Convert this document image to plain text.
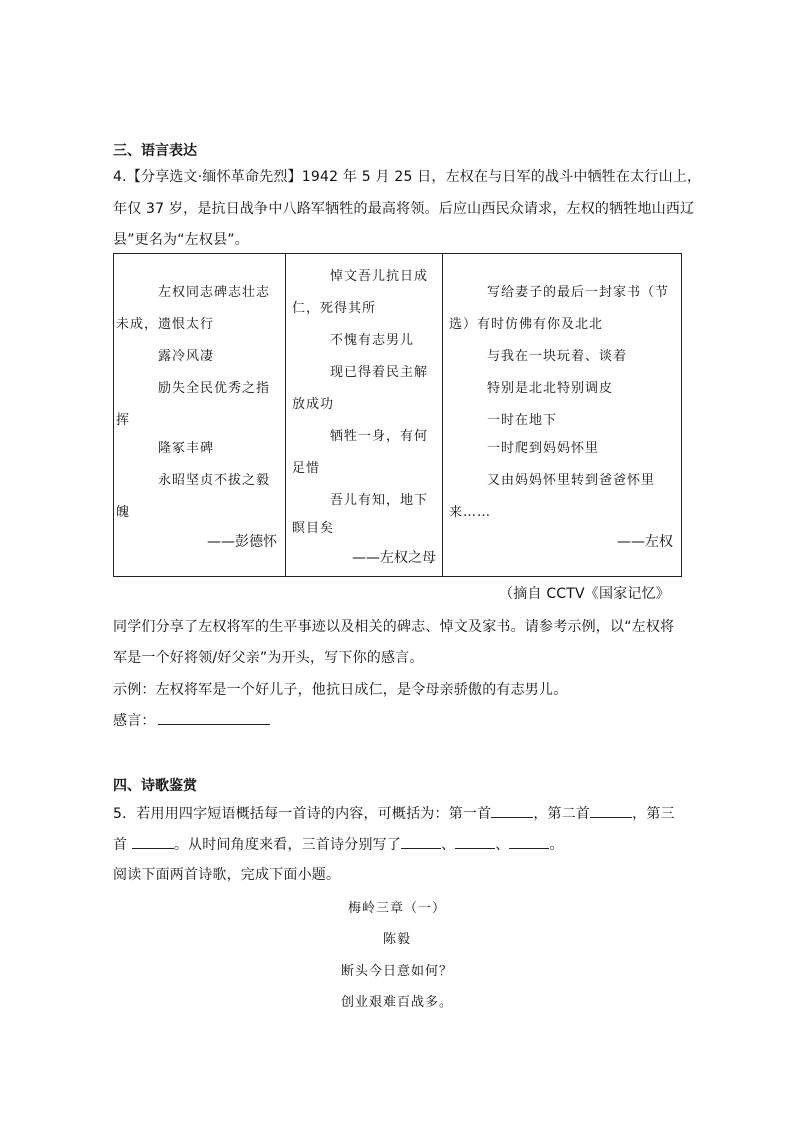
三、语言表达
4.【分享选文·缅怀革命先烈】1942 年 5 月 25 日，左权在与日军的战斗中牺牲在太行山上，
年仅 37 岁，是抗日战争中八路军牺牲的最高将领。后应山西民众请求，左权的牺牲地山西辽
县”更名为“左权县”。
左权同志碑志壮志
未成，遗恨太行
露冷风凄
励失全民优秀之指
挥
隆冢丰碑
永昭坚贞不拔之毅
魄
——彭德怀

悼文吾儿抗日成
仁，死得其所
不愧有志男儿
现已得着民主解
放成功
牺牲一身，有何
足惜
吾儿有知，地下
瞑目矣
——左权之母

写给妻子的最后一封家书（节
选）有时仿佛有你及北北
与我在一块玩着、谈着
特别是北北特别调皮
一时在地下
一时爬到妈妈怀里
又由妈妈怀里转到爸爸怀里
来……
——左权
（摘自 CCTV《国家记忆》
同学们分享了左权将军的生平事迹以及相关的碑志、悼文及家书。请参考示例，以“左权将
军是一个好将领/好父亲”为开头，写下你的感言。
示例：左权将军是一个好儿子，他抗日成仁，是令母亲骄傲的有志男儿。
感言：
四、诗歌鉴赏
5．若用用四字短语概括每一首诗的内容，可概括为：第一首	，第二首	，第三
首	。从时间角度来看，三首诗分别写了	、	、	。
阅读下面两首诗歌，完成下面小题。
梅岭三章（一）
陈毅
断头今日意如何？
创业艰难百战多。
